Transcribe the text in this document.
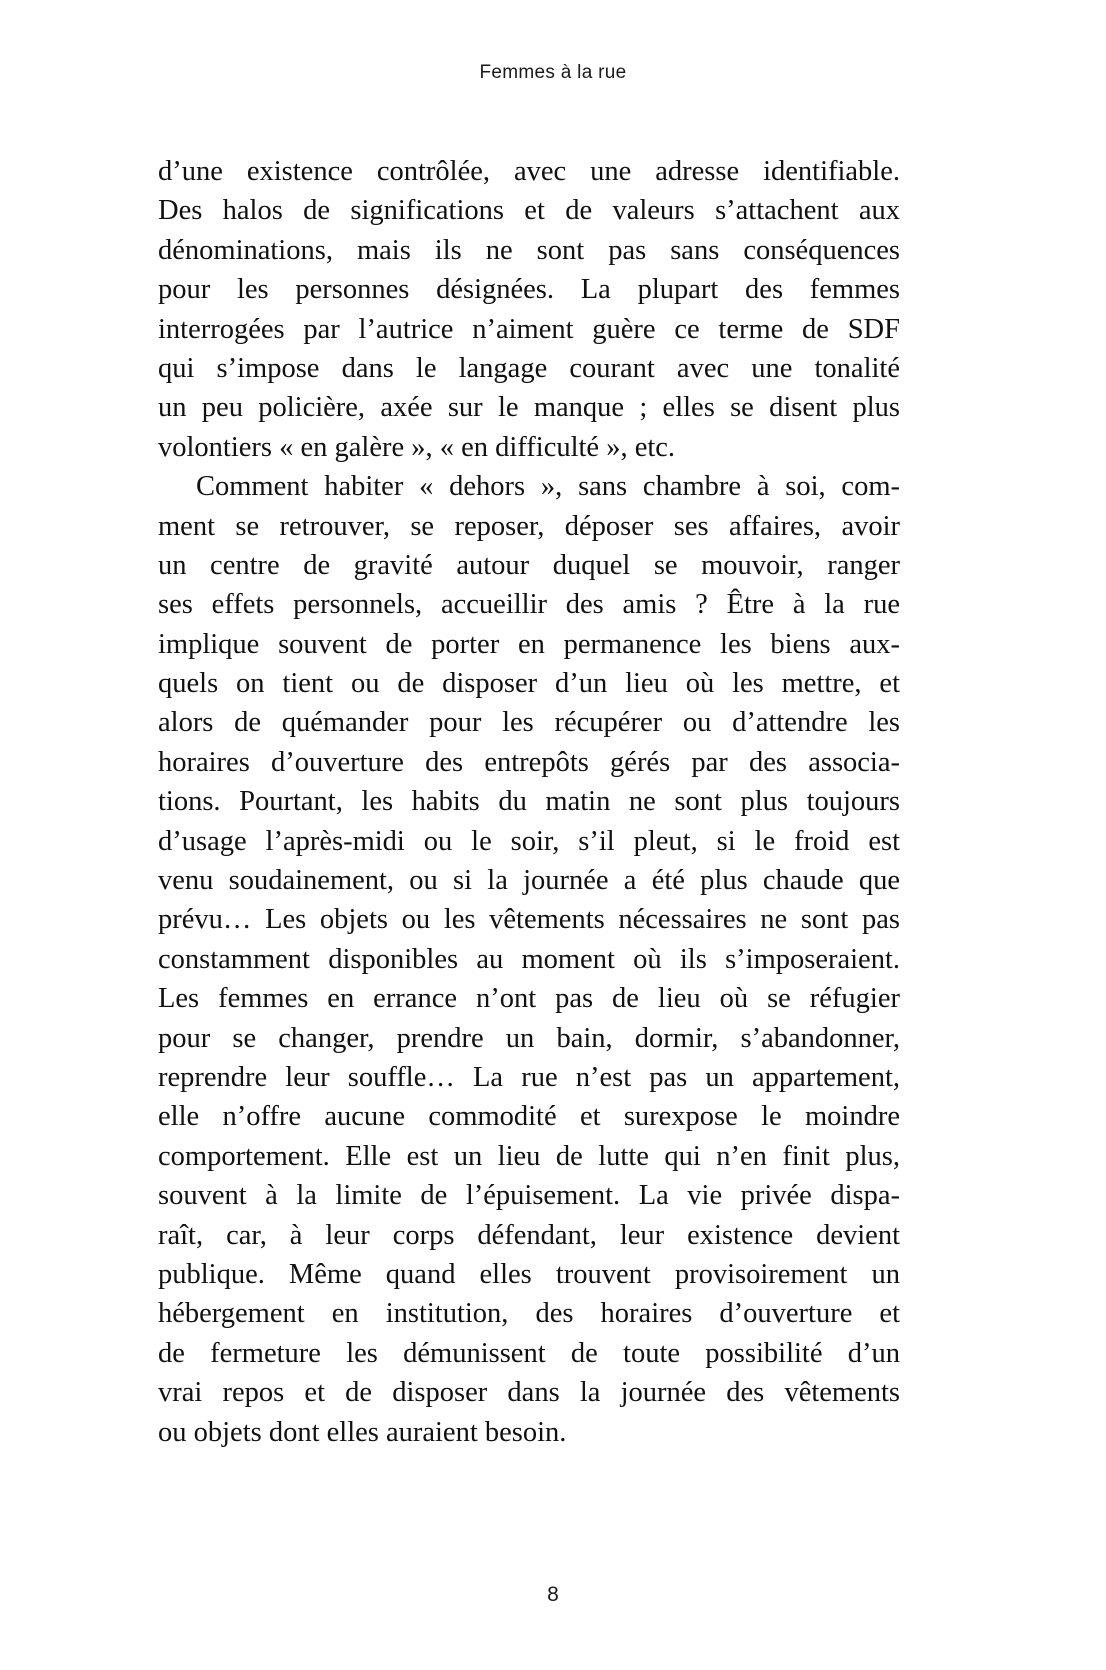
Femmes à la rue
d’une existence contrôlée, avec une adresse identifiable.
Des halos de significations et de valeurs s’attachent aux
dénominations, mais ils ne sont pas sans conséquences
pour les personnes désignées. La plupart des femmes
interrogées par l’autrice n’aiment guère ce terme de SDF
qui s’impose dans le langage courant avec une tonalité
un peu policière, axée sur le manque ; elles se disent plus
volontiers « en galère », « en difficulté », etc.
Comment habiter « dehors », sans chambre à soi, com-
ment se retrouver, se reposer, déposer ses affaires, avoir
un centre de gravité autour duquel se mouvoir, ranger
ses effets personnels, accueillir des amis ? Être à la rue
implique souvent de porter en permanence les biens aux-
quels on tient ou de disposer d’un lieu où les mettre, et
alors de quémander pour les récupérer ou d’attendre les
horaires d’ouverture des entrepôts gérés par des associa-
tions. Pourtant, les habits du matin ne sont plus toujours
d’usage l’après-midi ou le soir, s’il pleut, si le froid est
venu soudainement, ou si la journée a été plus chaude que
prévu… Les objets ou les vêtements nécessaires ne sont pas
constamment disponibles au moment où ils s’imposeraient.
Les femmes en errance n’ont pas de lieu où se réfugier
pour se changer, prendre un bain, dormir, s’abandonner,
reprendre leur souffle… La rue n’est pas un appartement,
elle n’offre aucune commodité et surexpose le moindre
comportement. Elle est un lieu de lutte qui n’en finit plus,
souvent à la limite de l’épuisement. La vie privée dispa-
raît, car, à leur corps défendant, leur existence devient
publique. Même quand elles trouvent provisoirement un
hébergement en institution, des horaires d’ouverture et
de fermeture les démunissent de toute possibilité d’un
vrai repos et de disposer dans la journée des vêtements
ou objets dont elles auraient besoin.
8
